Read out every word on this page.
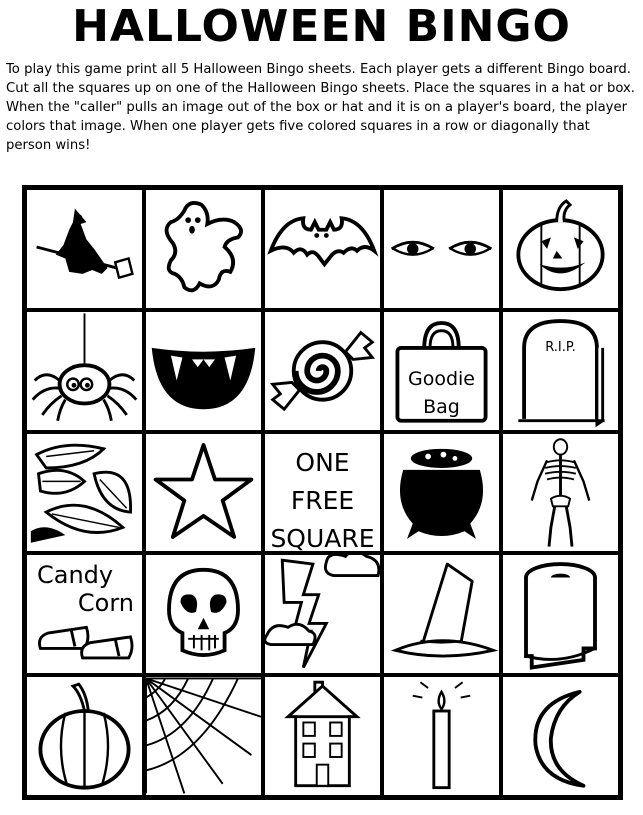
HALLOWEEN BINGO
To play this game print all 5 Halloween Bingo sheets. Each player gets a different Bingo board. Cut all the squares up on one of the Halloween Bingo sheets. Place the squares in a hat or box. When the "caller" pulls an image out of the box or hat and it is on a player's board, the player colors that image. When one player gets five colored squares in a row or diagonally that person wins!
Goodie
Bag
R.I.P.
ONE
FREE
SQUARE
Candy
Corn
